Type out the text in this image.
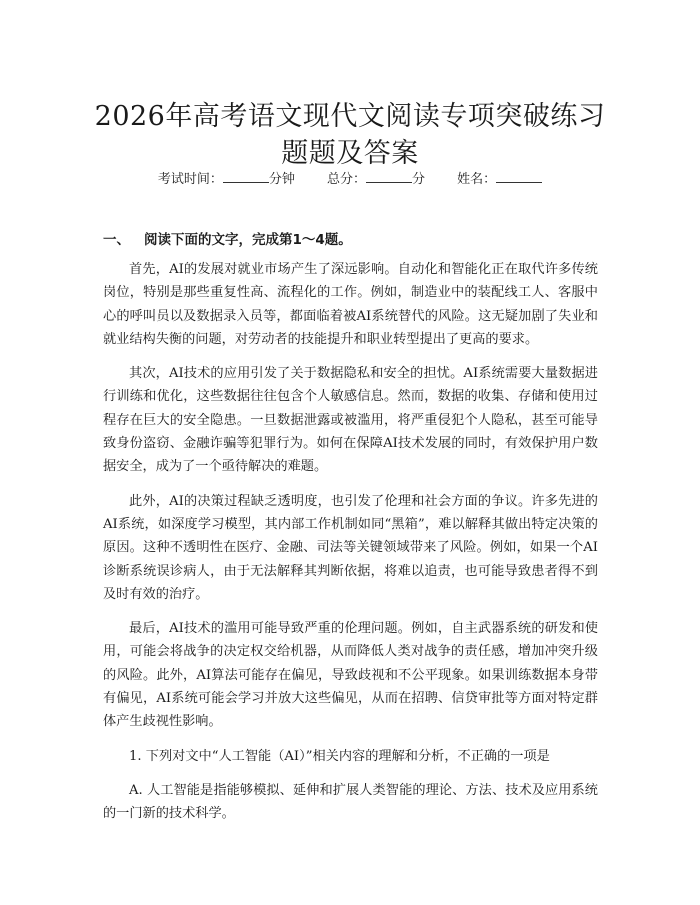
2026年高考语文现代文阅读专项突破练习题题及答案
考试时间：	分钟 总分：	分 姓名：
一、 阅读下面的文字，完成第1～4题。

首先，AI的发展对就业市场产生了深远影响。自动化和智能化正在取代许多传统岗位，特别是那些重复性高、流程化的工作。例如，制造业中的装配线工人、客服中心的呼叫员以及数据录入员等，都面临着被AI系统替代的风险。这无疑加剧了失业和就业结构失衡的问题，对劳动者的技能提升和职业转型提出了更高的要求。

其次，AI技术的应用引发了关于数据隐私和安全的担忧。AI系统需要大量数据进行训练和优化，这些数据往往包含个人敏感信息。然而，数据的收集、存储和使用过程存在巨大的安全隐患。一旦数据泄露或被滥用，将严重侵犯个人隐私，甚至可能导致身份盗窃、金融诈骗等犯罪行为。如何在保障AI技术发展的同时，有效保护用户数据安全，成为了一个亟待解决的难题。

此外，AI的决策过程缺乏透明度，也引发了伦理和社会方面的争议。许多先进的AI系统，如深度学习模型，其内部工作机制如同“黑箱”，难以解释其做出特定决策的原因。这种不透明性在医疗、金融、司法等关键领域带来了风险。例如，如果一个AI诊断系统误诊病人，由于无法解释其判断依据，将难以追责，也可能导致患者得不到及时有效的治疗。

最后，AI技术的滥用可能导致严重的伦理问题。例如，自主武器系统的研发和使用，可能会将战争的决定权交给机器，从而降低人类对战争的责任感，增加冲突升级的风险。此外，AI算法可能存在偏见，导致歧视和不公平现象。如果训练数据本身带有偏见，AI系统可能会学习并放大这些偏见，从而在招聘、信贷审批等方面对特定群体产生歧视性影响。

1. 下列对文中“人工智能（AI）”相关内容的理解和分析，不正确的一项是

A. 人工智能是指能够模拟、延伸和扩展人类智能的理论、方法、技术及应用系统的一门新的技术科学。
